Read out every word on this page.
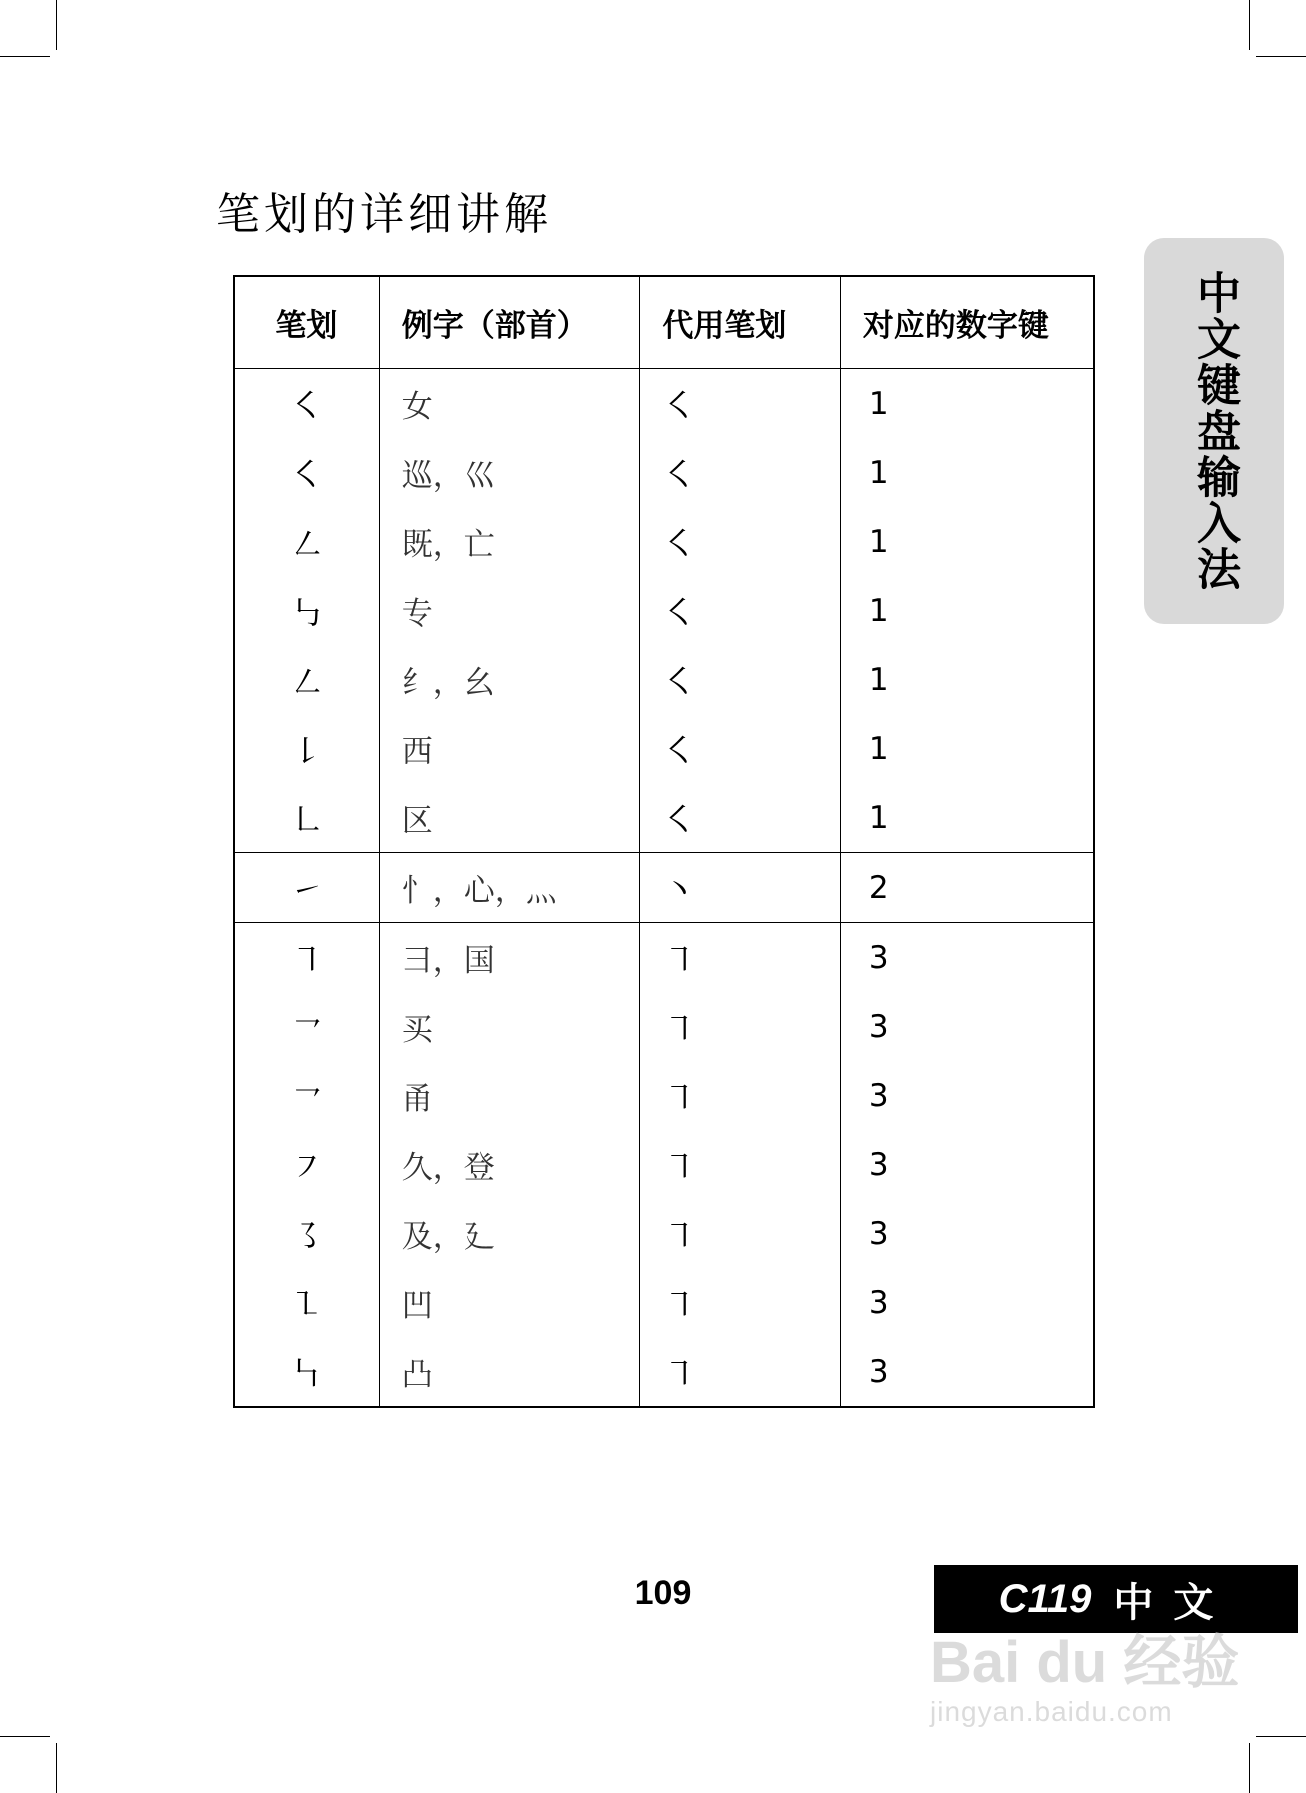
笔划的详细讲解
笔划	例字（部首）	代用笔划	对应的数字键
㇛	女	㇛	1
㇛	巡，巛	㇛	1
㇜	既，亡	㇛	1
㇉	专	㇛	1
㇜	纟，幺	㇛	1
㇙	西	㇛	1
㇗	区	㇛	1
㇀	忄，心，灬	丶	2
㇕	彐，国	㇕	3
㇖	买	㇕	3
㇖	甬	㇕	3
㇇	久，登	㇕	3
㇌	及，廴	㇕	3
㇅	凹	㇕	3
㇞	凸	㇕	3
中文键盘输入法
109	C119 中文
Bai du 经验
jingyan.baidu.com
